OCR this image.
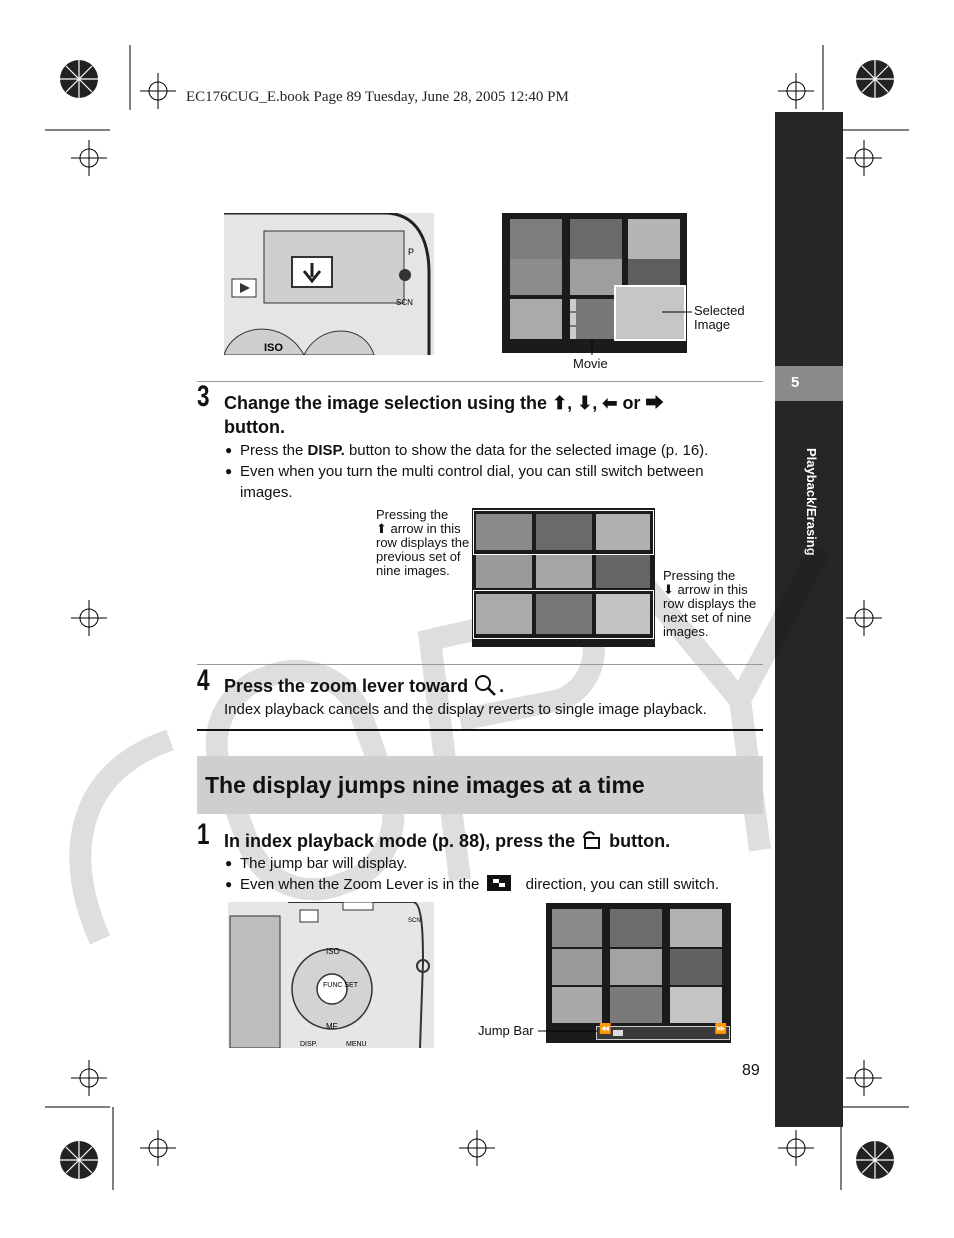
EC176CUG_E.book Page 89 Tuesday, June 28, 2005 12:40 PM
5
Playback/Erasing
P
SCN
ISO
Selected
Image
Movie
3 Change the image selection using the ⬆, ⬇, ⬅ or ⮕
button.
● Press the DISP. button to show the data for the selected image (p. 16).
● Even when you turn the multi control dial, you can still switch between images.
Pressing the
⬆ arrow in this row displays the previous set of nine images.	Pressing the
⬇ arrow in this row displays the next set of nine images.
4 Press the zoom lever toward .
Index playback cancels and the display reverts to single image playback.
The display jumps nine images at a time
1 In index playback mode (p. 88), press the button.
● The jump bar will display.
● Even when the Zoom Lever is in the	direction, you can still switch.
FUNC SET
ISO
MF
DISP.	MENU
SCN
⏪	⏩
Jump Bar
89
